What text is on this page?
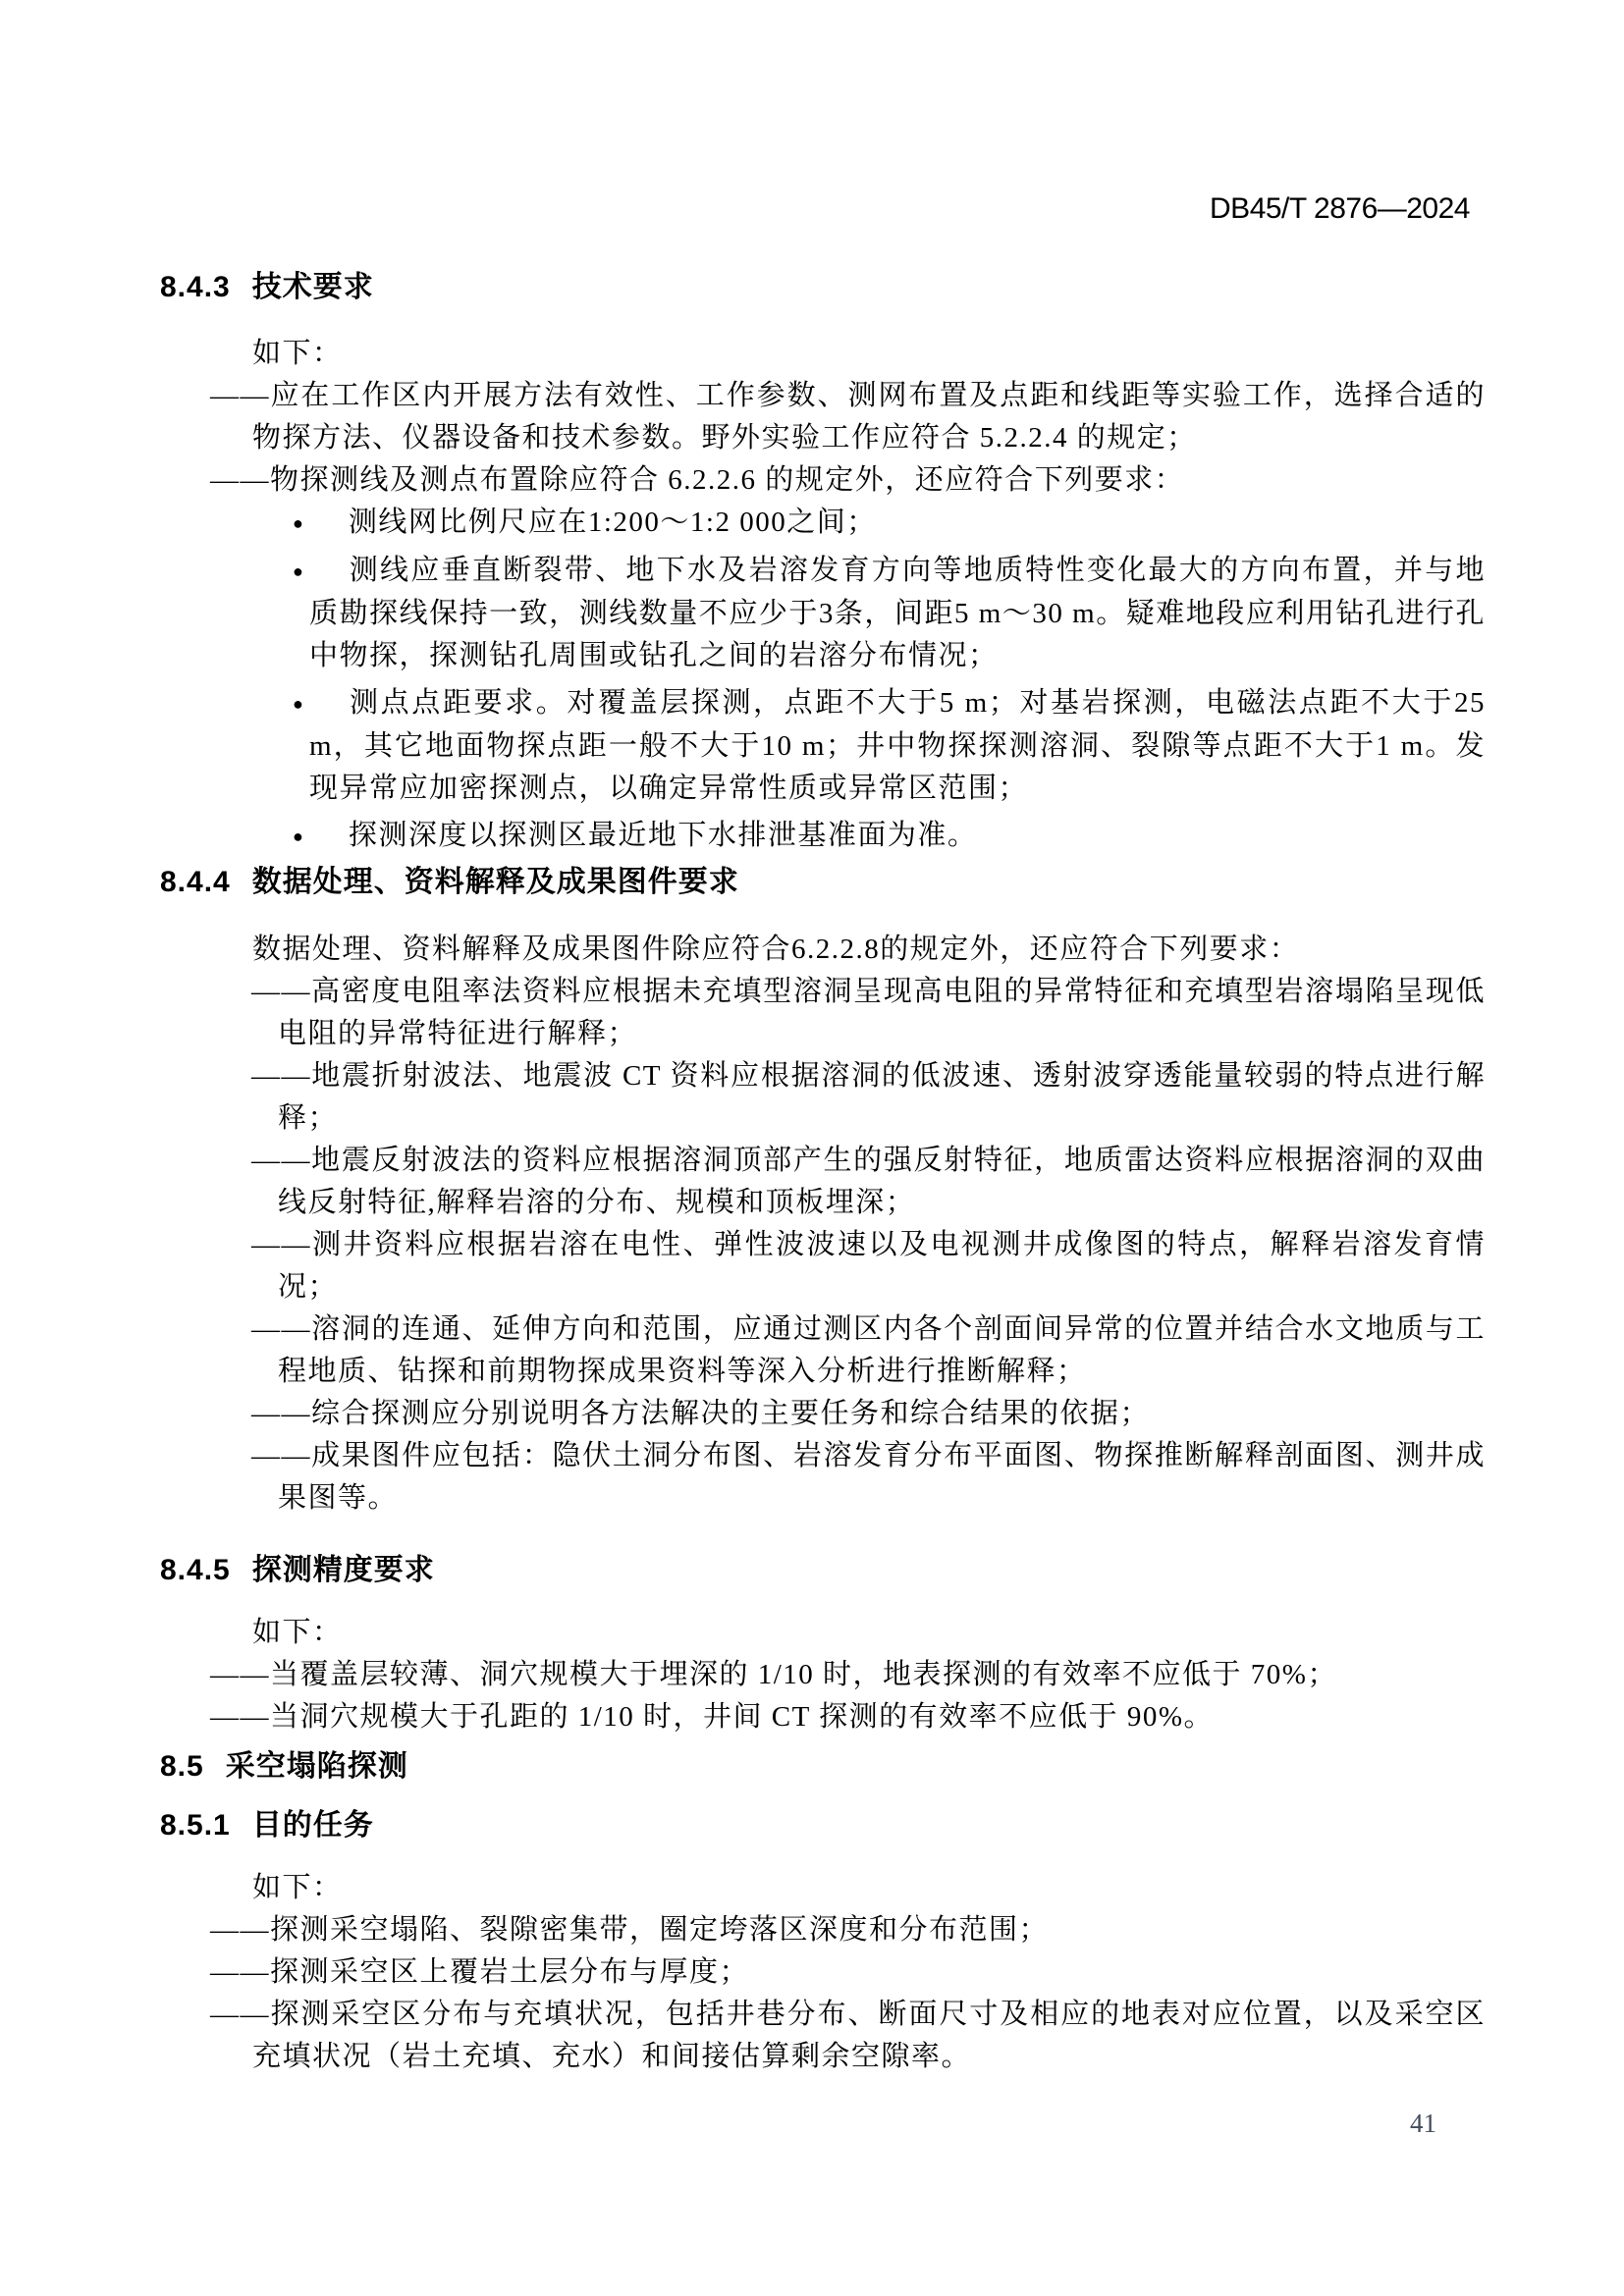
DB45/T 2876—2024
8.4.3 技术要求

如下：

——应在工作区内开展方法有效性、工作参数、测网布置及点距和线距等实验工作，选择合适的物探方法、仪器设备和技术参数。野外实验工作应符合 5.2.2.4 的规定；
——物探测线及测点布置除应符合 6.2.2.6 的规定外，还应符合下列要求：
● 测线网比例尺应在1:200～1:2 000之间；
● 测线应垂直断裂带、地下水及岩溶发育方向等地质特性变化最大的方向布置，并与地质勘探线保持一致，测线数量不应少于3条，间距5 m～30 m。疑难地段应利用钻孔进行孔中物探，探测钻孔周围或钻孔之间的岩溶分布情况；
● 测点点距要求。对覆盖层探测，点距不大于5 m；对基岩探测，电磁法点距不大于25 m，其它地面物探点距一般不大于10 m；井中物探探测溶洞、裂隙等点距不大于1 m。发现异常应加密探测点，以确定异常性质或异常区范围；
● 探测深度以探测区最近地下水排泄基准面为准。
8.4.4 数据处理、资料解释及成果图件要求

数据处理、资料解释及成果图件除应符合6.2.2.8的规定外，还应符合下列要求：

——高密度电阻率法资料应根据未充填型溶洞呈现高电阻的异常特征和充填型岩溶塌陷呈现低电阻的异常特征进行解释；
——地震折射波法、地震波 CT 资料应根据溶洞的低波速、透射波穿透能量较弱的特点进行解释；
——地震反射波法的资料应根据溶洞顶部产生的强反射特征，地质雷达资料应根据溶洞的双曲线反射特征,解释岩溶的分布、规模和顶板埋深；
——测井资料应根据岩溶在电性、弹性波波速以及电视测井成像图的特点，解释岩溶发育情况；
——溶洞的连通、延伸方向和范围，应通过测区内各个剖面间异常的位置并结合水文地质与工程地质、钻探和前期物探成果资料等深入分析进行推断解释；
——综合探测应分别说明各方法解决的主要任务和综合结果的依据；
——成果图件应包括：隐伏土洞分布图、岩溶发育分布平面图、物探推断解释剖面图、测井成果图等。
8.4.5 探测精度要求

如下：

——当覆盖层较薄、洞穴规模大于埋深的 1/10 时，地表探测的有效率不应低于 70%；
——当洞穴规模大于孔距的 1/10 时，井间 CT 探测的有效率不应低于 90%。
8.5 采空塌陷探测
8.5.1 目的任务

如下：

——探测采空塌陷、裂隙密集带，圈定垮落区深度和分布范围；
——探测采空区上覆岩土层分布与厚度；
——探测采空区分布与充填状况，包括井巷分布、断面尺寸及相应的地表对应位置，以及采空区充填状况（岩土充填、充水）和间接估算剩余空隙率。
41
